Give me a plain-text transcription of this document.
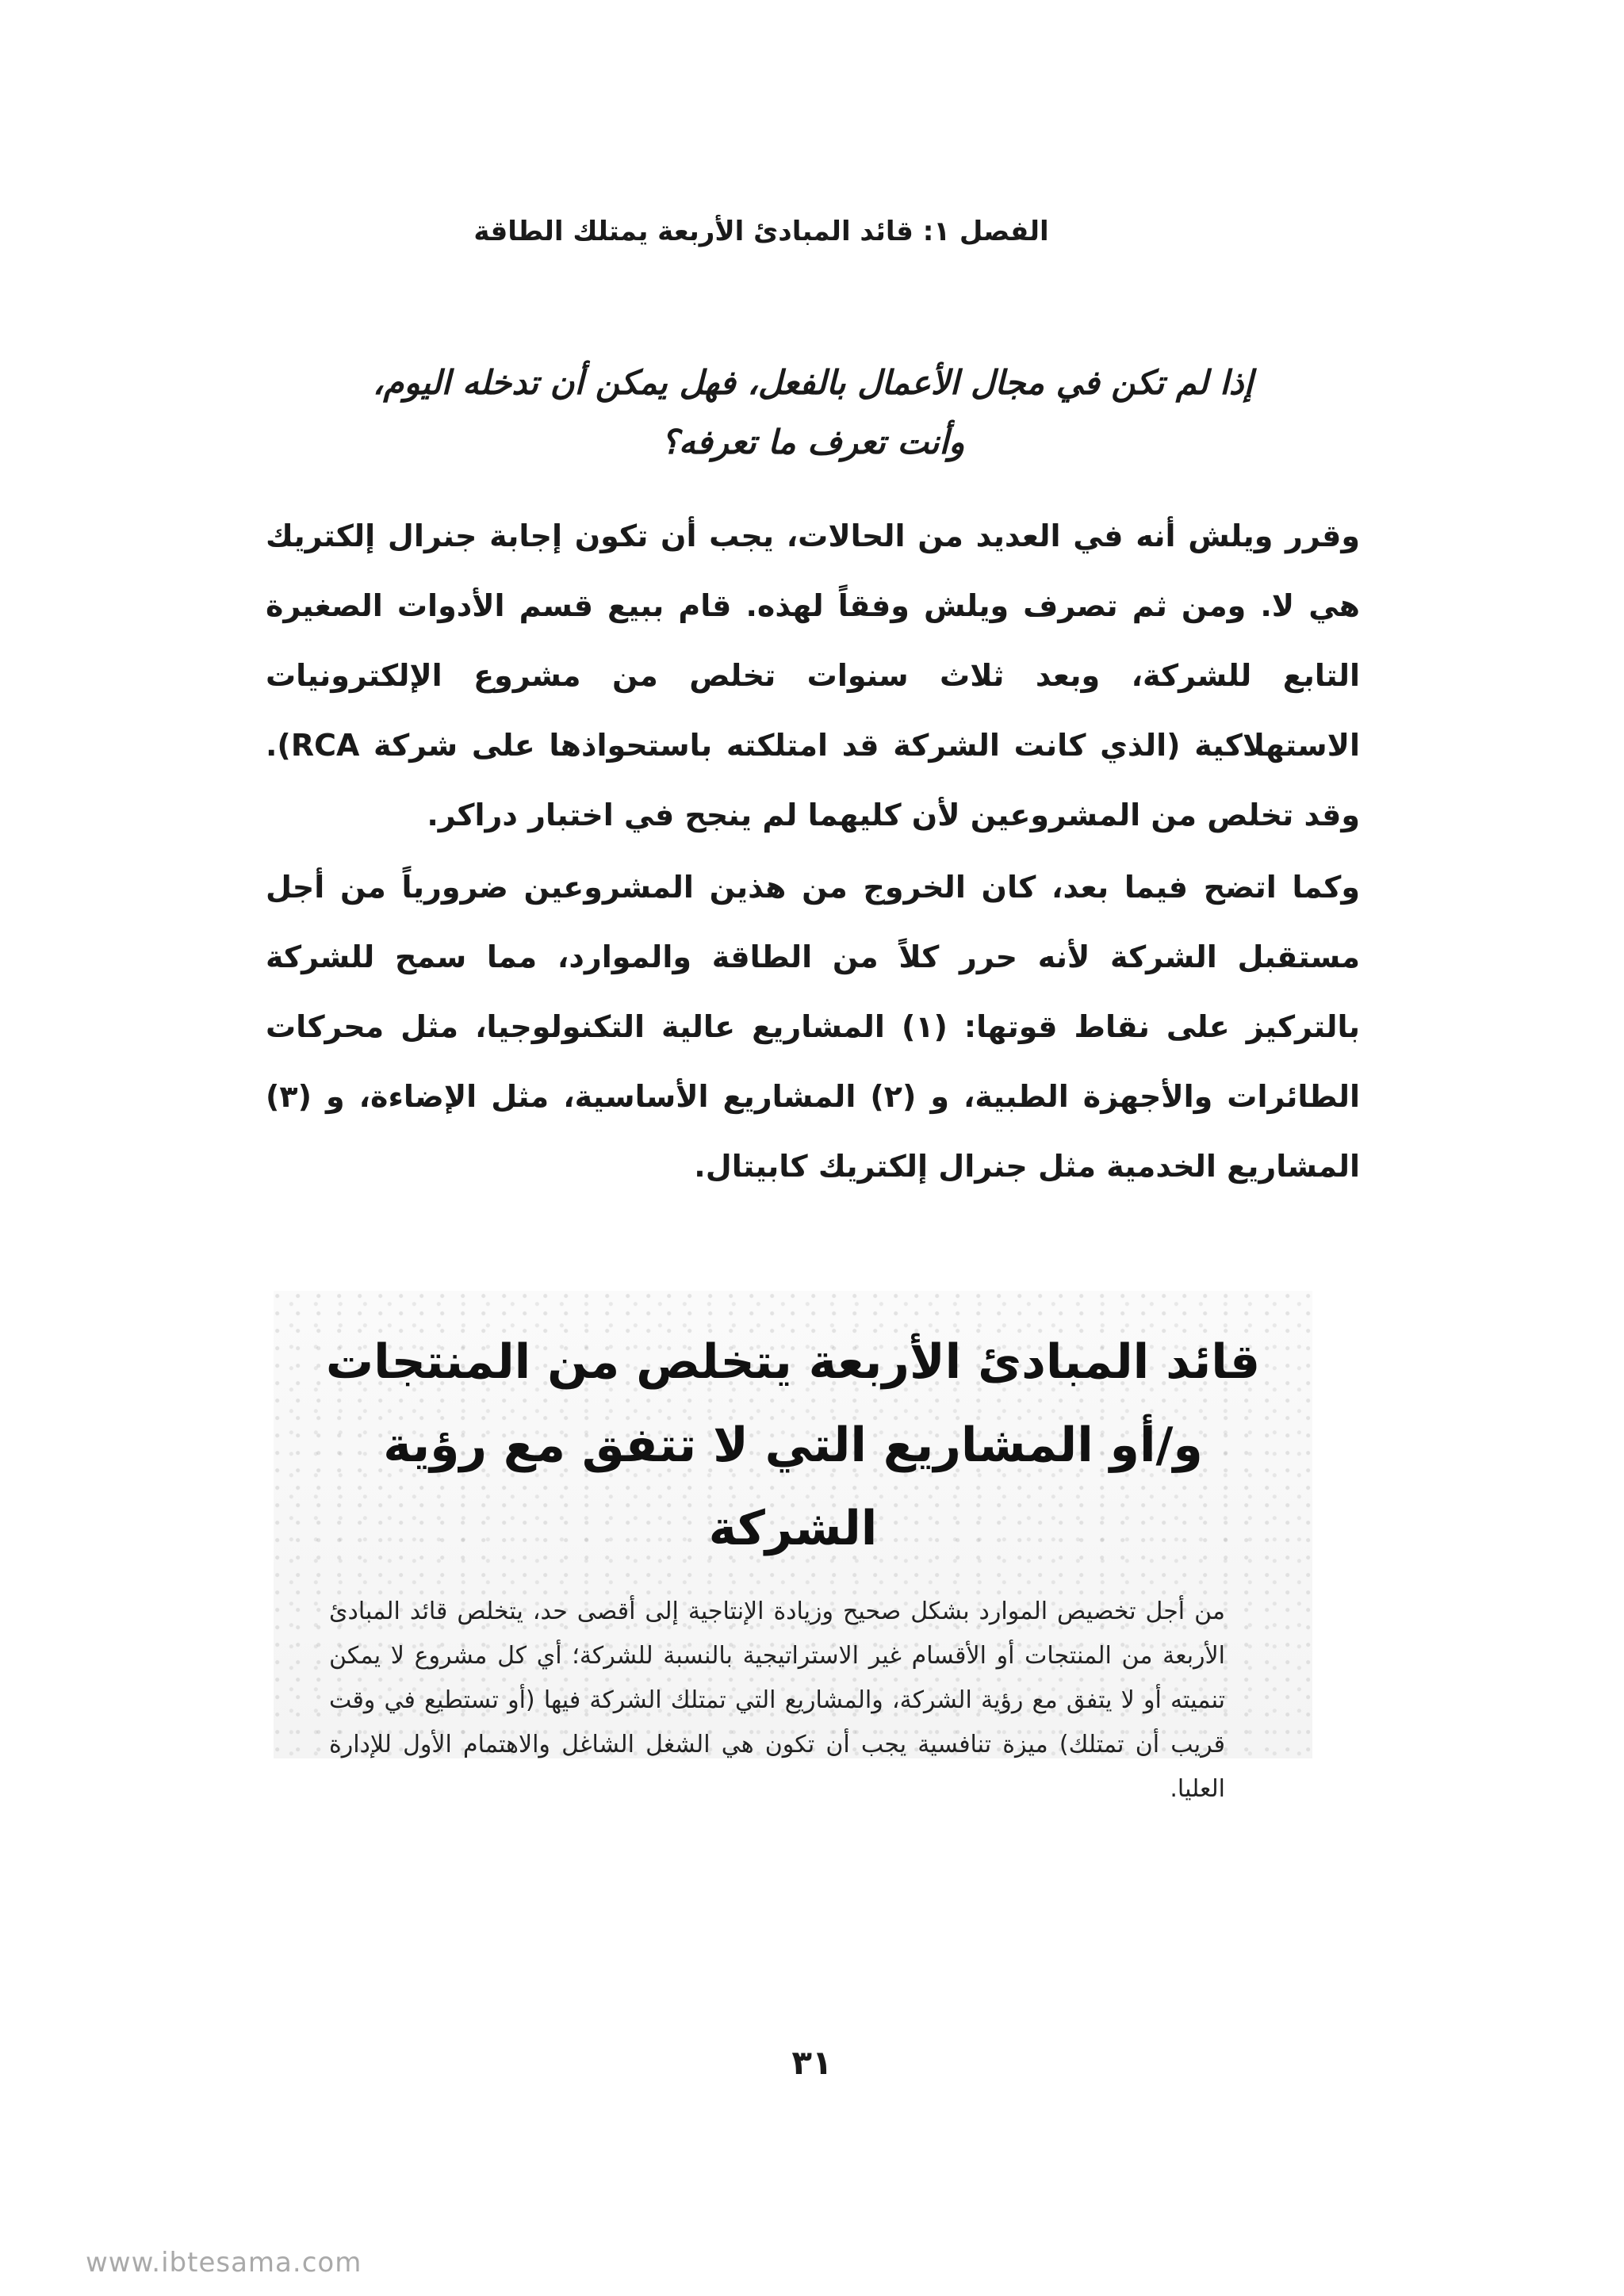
الفصل ١: قائد المبادئ الأربعة يمتلك الطاقة
إذا لم تكن في مجال الأعمال بالفعل، فهل يمكن أن تدخله اليوم،
وأنت تعرف ما تعرفه؟

وقرر ويلش أنه في العديد من الحالات، يجب أن تكون إجابة جنرال إلكتريك هي لا. ومن ثم تصرف ويلش وفقاً لهذه. قام ببيع قسم الأدوات الصغيرة التابع للشركة، وبعد ثلاث سنوات تخلص من مشروع الإلكترونيات الاستهلاكية (الذي كانت الشركة قد امتلكته باستحواذها على شركة RCA). وقد تخلص من المشروعين لأن كليهما لم ينجح في اختبار دراكر.

وكما اتضح فيما بعد، كان الخروج من هذين المشروعين ضرورياً من أجل مستقبل الشركة لأنه حرر كلاً من الطاقة والموارد، مما سمح للشركة بالتركيز على نقاط قوتها: (١) المشاريع عالية التكنولوجيا، مثل محركات الطائرات والأجهزة الطبية، و (٢) المشاريع الأساسية، مثل الإضاءة، و (٣) المشاريع الخدمية مثل جنرال إلكتريك كابيتال.

قائد المبادئ الأربعة يتخلص من المنتجات
و/أو المشاريع التي لا تتفق مع رؤية الشركة

من أجل تخصيص الموارد بشكل صحيح وزيادة الإنتاجية إلى أقصى حد، يتخلص قائد المبادئ الأربعة من المنتجات أو الأقسام غير الاستراتيجية بالنسبة للشركة؛ أي كل مشروع لا يمكن تنميته أو لا يتفق مع رؤية الشركة، والمشاريع التي تمتلك الشركة فيها (أو تستطيع في وقت قريب أن تمتلك) ميزة تنافسية يجب أن تكون هي الشغل الشاغل والاهتمام الأول للإدارة العليا.

٣١
www.ibtesama.com
